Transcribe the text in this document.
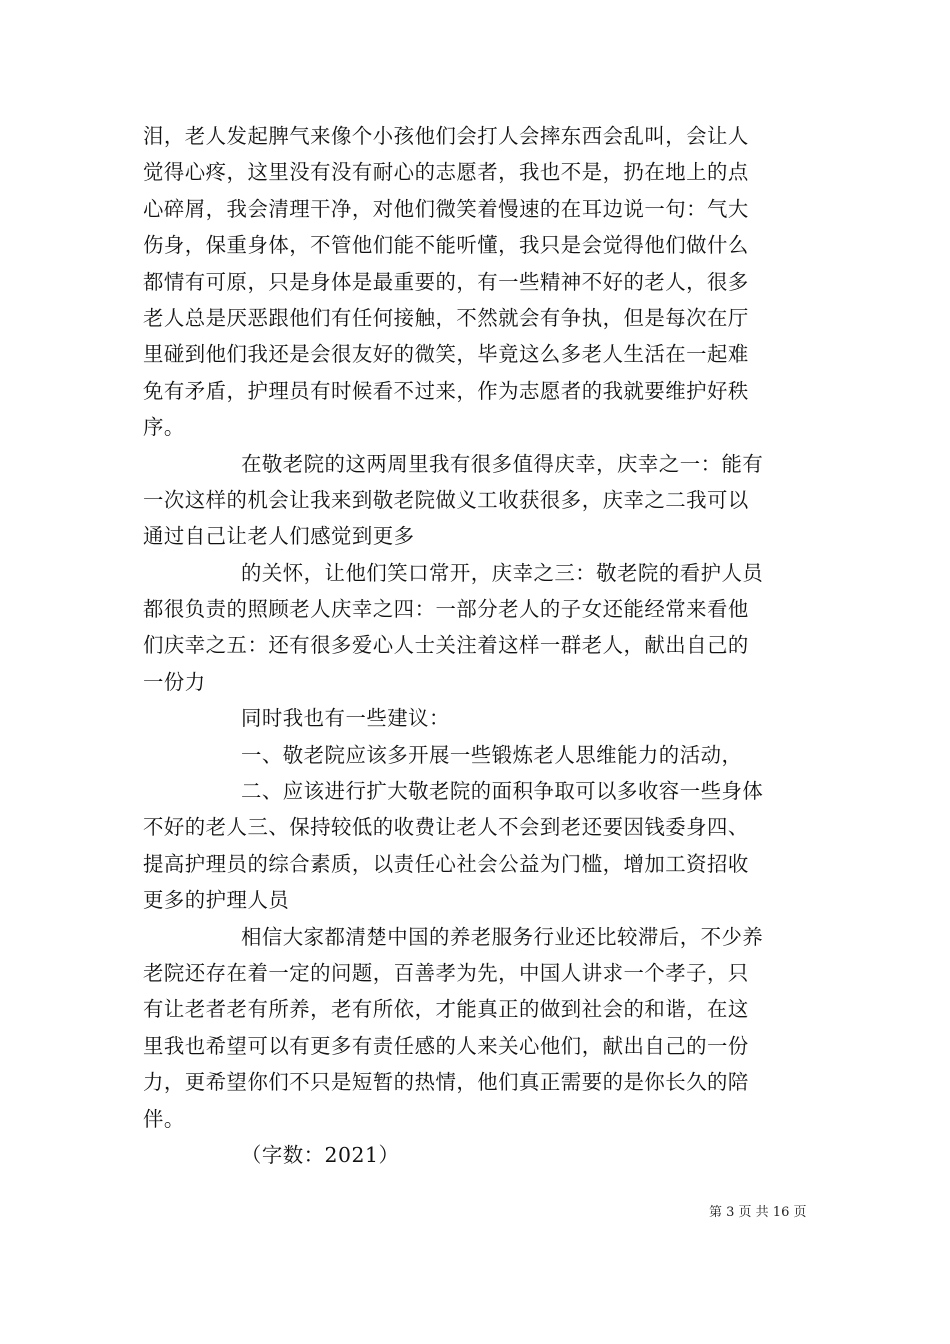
泪，老人发起脾气来像个小孩他们会打人会摔东西会乱叫，会让人
觉得心疼，这里没有没有耐心的志愿者，我也不是，扔在地上的点
心碎屑，我会清理干净，对他们微笑着慢速的在耳边说一句：气大
伤身，保重身体，不管他们能不能听懂，我只是会觉得他们做什么
都情有可原，只是身体是最重要的，有一些精神不好的老人，很多
老人总是厌恶跟他们有任何接触，不然就会有争执，但是每次在厅
里碰到他们我还是会很友好的微笑，毕竟这么多老人生活在一起难
免有矛盾，护理员有时候看不过来，作为志愿者的我就要维护好秩
序。
在敬老院的这两周里我有很多值得庆幸，庆幸之一：能有
一次这样的机会让我来到敬老院做义工收获很多，庆幸之二我可以
通过自己让老人们感觉到更多
的关怀，让他们笑口常开，庆幸之三：敬老院的看护人员
都很负责的照顾老人庆幸之四：一部分老人的子女还能经常来看他
们庆幸之五：还有很多爱心人士关注着这样一群老人，献出自己的
一份力
同时我也有一些建议：
一、敬老院应该多开展一些锻炼老人思维能力的活动，
二、应该进行扩大敬老院的面积争取可以多收容一些身体
不好的老人三、保持较低的收费让老人不会到老还要因钱委身四、
提高护理员的综合素质，以责任心社会公益为门槛，增加工资招收
更多的护理人员
相信大家都清楚中国的养老服务行业还比较滞后，不少养
老院还存在着一定的问题，百善孝为先，中国人讲求一个孝子，只
有让老者老有所养，老有所依，才能真正的做到社会的和谐，在这
里我也希望可以有更多有责任感的人来关心他们，献出自己的一份
力，更希望你们不只是短暂的热情，他们真正需要的是你长久的陪
伴。
（字数：2021）
第 3 页 共 16 页
